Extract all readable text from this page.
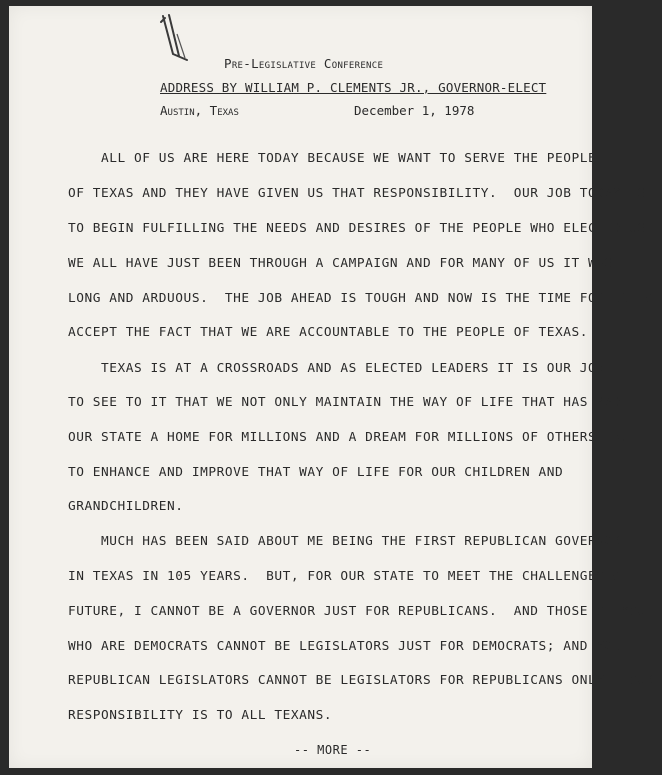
Pre-Legislative Conference
ADDRESS BY WILLIAM P. CLEMENTS JR., GOVERNOR-ELECT
Austin, Texas	December 1, 1978
ALL OF US ARE HERE TODAY BECAUSE WE WANT TO SERVE THE PEOPLE
OF TEXAS AND THEY HAVE GIVEN US THAT RESPONSIBILITY.  OUR JOB TODAY IS
TO BEGIN FULFILLING THE NEEDS AND DESIRES OF THE PEOPLE WHO ELECTED US.
WE ALL HAVE JUST BEEN THROUGH A CAMPAIGN AND FOR MANY OF US IT WAS
LONG AND ARDUOUS.  THE JOB AHEAD IS TOUGH AND NOW IS THE TIME FOR US TO
ACCEPT THE FACT THAT WE ARE ACCOUNTABLE TO THE PEOPLE OF TEXAS.
TEXAS IS AT A CROSSROADS AND AS ELECTED LEADERS IT IS OUR JOB
TO SEE TO IT THAT WE NOT ONLY MAINTAIN THE WAY OF LIFE THAT HAS MADE
OUR STATE A HOME FOR MILLIONS AND A DREAM FOR MILLIONS OF OTHERS, BUT
TO ENHANCE AND IMPROVE THAT WAY OF LIFE FOR OUR CHILDREN AND
GRANDCHILDREN.
MUCH HAS BEEN SAID ABOUT ME BEING THE FIRST REPUBLICAN GOVERNOR
IN TEXAS IN 105 YEARS.  BUT, FOR OUR STATE TO MEET THE CHALLENGES OF THE
FUTURE, I CANNOT BE A GOVERNOR JUST FOR REPUBLICANS.  AND THOSE OF YOU
WHO ARE DEMOCRATS CANNOT BE LEGISLATORS JUST FOR DEMOCRATS; AND YOU
REPUBLICAN LEGISLATORS CANNOT BE LEGISLATORS FOR REPUBLICANS ONLY.  OUR
RESPONSIBILITY IS TO ALL TEXANS.
-- MORE --
